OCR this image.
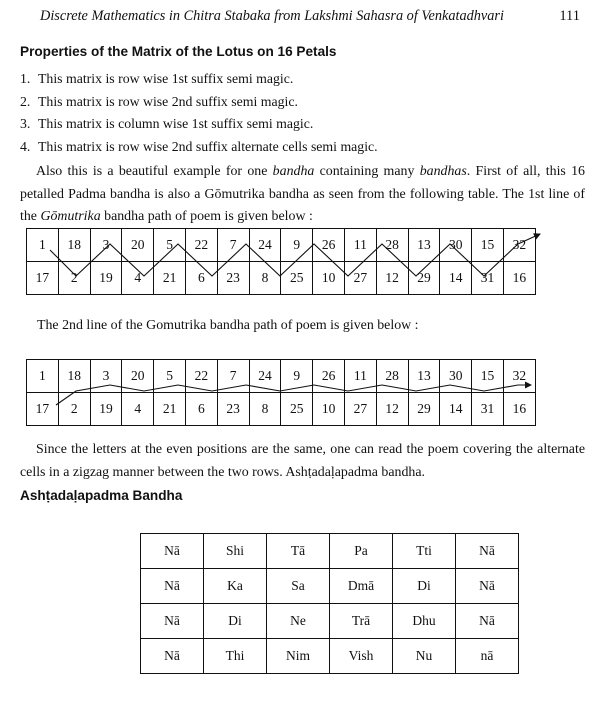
Discrete Mathematics in Chitra Stabaka from Lakshmi Sahasra of Venkatadhvari	111
Properties of the Matrix of the Lotus on 16 Petals
1. This matrix is row wise 1st suffix semi magic.
2. This matrix is row wise 2nd suffix semi magic.
3. This matrix is column wise 1st suffix semi magic.
4. This matrix is row wise 2nd suffix alternate cells semi magic.
Also this is a beautiful example for one bandha containing many bandhas. First of all, this 16
petalled Padma bandha is also a Gōmutrika bandha as seen from the following table. The 1st line of
the Gōmutrika bandha path of poem is given below :
1	18	3	20	5	22	7	24	9	26	11	28	13	30	15	32
17	2	19	4	21	6	23	8	25	10	27	12	29	14	31	16
The 2nd line of the Gomutrika bandha path of poem is given below :
1	18	3	20	5	22	7	24	9	26	11	28	13	30	15	32
17	2	19	4	21	6	23	8	25	10	27	12	29	14	31	16
Since the letters at the even positions are the same, one can read the poem covering the alternate
cells in a zigzag manner between the two rows. Ashṭadaḷapadma bandha.
Ashṭadaḷapadma Bandha
Nā	Shi	Tā	Pa	Tti	Nā
Nā	Ka	Sa	Dmā	Di	Nā
Nā	Di	Ne	Trā	Dhu	Nā
Nā	Thi	Nim	Vish	Nu	nā
